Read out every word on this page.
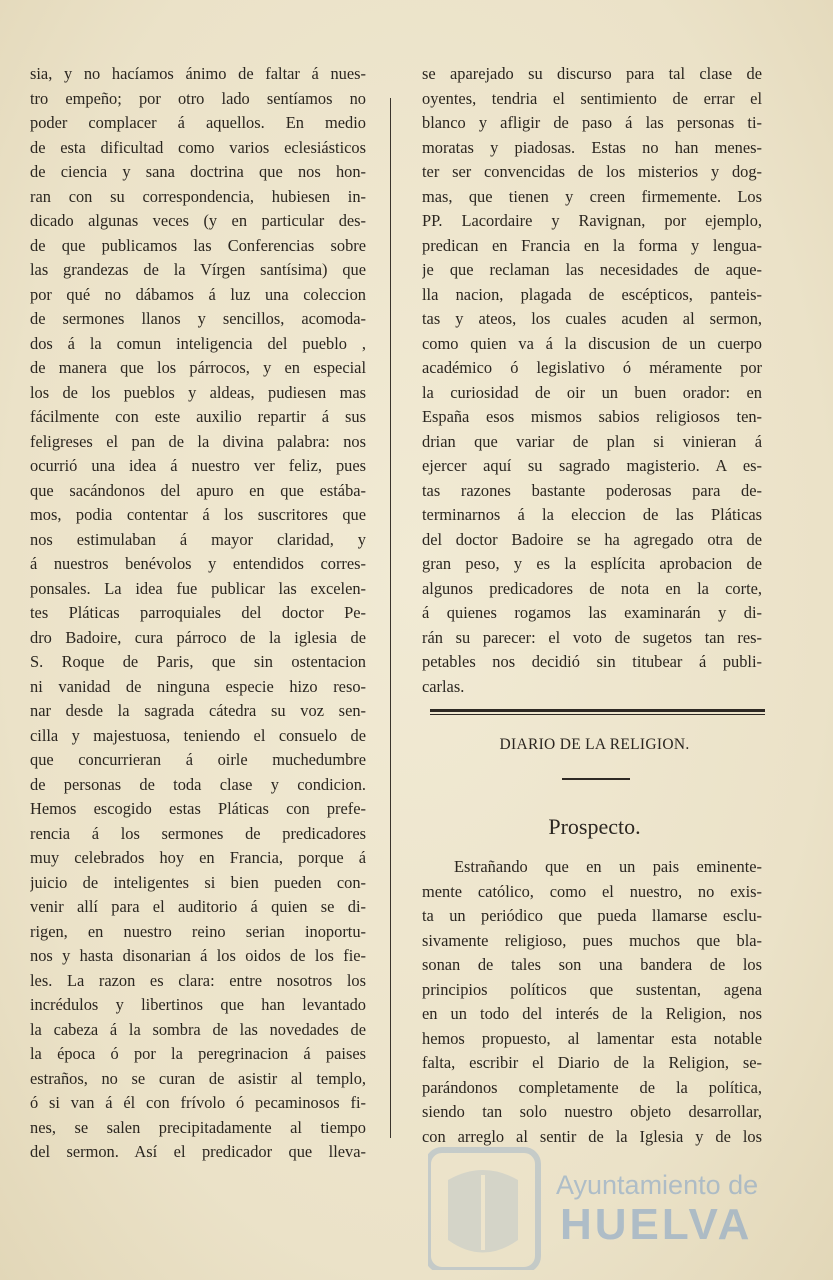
sia, y no hacíamos ánimo de faltar á nues-
tro empeño; por otro lado sentíamos no
poder complacer á aquellos. En medio
de esta dificultad como varios eclesiásticos
de ciencia y sana doctrina que nos hon-
ran con su correspondencia, hubiesen in-
dicado algunas veces (y en particular des-
de que publicamos las Conferencias sobre
las grandezas de la Vírgen santísima) que
por qué no dábamos á luz una coleccion
de sermones llanos y sencillos, acomoda-
dos á la comun inteligencia del pueblo ,
de manera que los párrocos, y en especial
los de los pueblos y aldeas, pudiesen mas
fácilmente con este auxilio repartir á sus
feligreses el pan de la divina palabra: nos
ocurrió una idea á nuestro ver feliz, pues
que sacándonos del apuro en que estába-
mos, podia contentar á los suscritores que
nos estimulaban á mayor claridad, y
á nuestros benévolos y entendidos corres-
ponsales. La idea fue publicar las excelen-
tes Pláticas parroquiales del doctor Pe-
dro Badoire, cura párroco de la iglesia de
S. Roque de Paris, que sin ostentacion
ni vanidad de ninguna especie hizo reso-
nar desde la sagrada cátedra su voz sen-
cilla y majestuosa, teniendo el consuelo de
que concurrieran á oirle muchedumbre
de personas de toda clase y condicion.
Hemos escogido estas Pláticas con prefe-
rencia á los sermones de predicadores
muy celebrados hoy en Francia, porque á
juicio de inteligentes si bien pueden con-
venir allí para el auditorio á quien se di-
rigen, en nuestro reino serian inoportu-
nos y hasta disonarian á los oidos de los fie-
les. La razon es clara: entre nosotros los
incrédulos y libertinos que han levantado
la cabeza á la sombra de las novedades de
la época ó por la peregrinacion á paises
estraños, no se curan de asistir al templo,
ó si van á él con frívolo ó pecaminosos fi-
nes, se salen precipitadamente al tiempo
del sermon. Así el predicador que lleva-
se aparejado su discurso para tal clase de
oyentes, tendria el sentimiento de errar el
blanco y afligir de paso á las personas ti-
moratas y piadosas. Estas no han menes-
ter ser convencidas de los misterios y dog-
mas, que tienen y creen firmemente. Los
PP. Lacordaire y Ravignan, por ejemplo,
predican en Francia en la forma y lengua-
je que reclaman las necesidades de aque-
lla nacion, plagada de escépticos, panteis-
tas y ateos, los cuales acuden al sermon,
como quien va á la discusion de un cuerpo
académico ó legislativo ó méramente por
la curiosidad de oir un buen orador: en
España esos mismos sabios religiosos ten-
drian que variar de plan si vinieran á
ejercer aquí su sagrado magisterio. A es-
tas razones bastante poderosas para de-
terminarnos á la eleccion de las Pláticas
del doctor Badoire se ha agregado otra de
gran peso, y es la esplícita aprobacion de
algunos predicadores de nota en la corte,
á quienes rogamos las examinarán y di-
rán su parecer: el voto de sugetos tan res-
petables nos decidió sin titubear á publi-
carlas.
DIARIO DE LA RELIGION.
Prospecto.
Estrañando que en un pais eminente-
mente católico, como el nuestro, no exis-
ta un periódico que pueda llamarse esclu-
sivamente religioso, pues muchos que bla-
sonan de tales son una bandera de los
principios políticos que sustentan, agena
en un todo del interés de la Religion, nos
hemos propuesto, al lamentar esta notable
falta, escribir el Diario de la Religion, se-
parándonos completamente de la política,
siendo tan solo nuestro objeto desarrollar,
con arreglo al sentir de la Iglesia y de los
Ayuntamiento de
HUELVA
